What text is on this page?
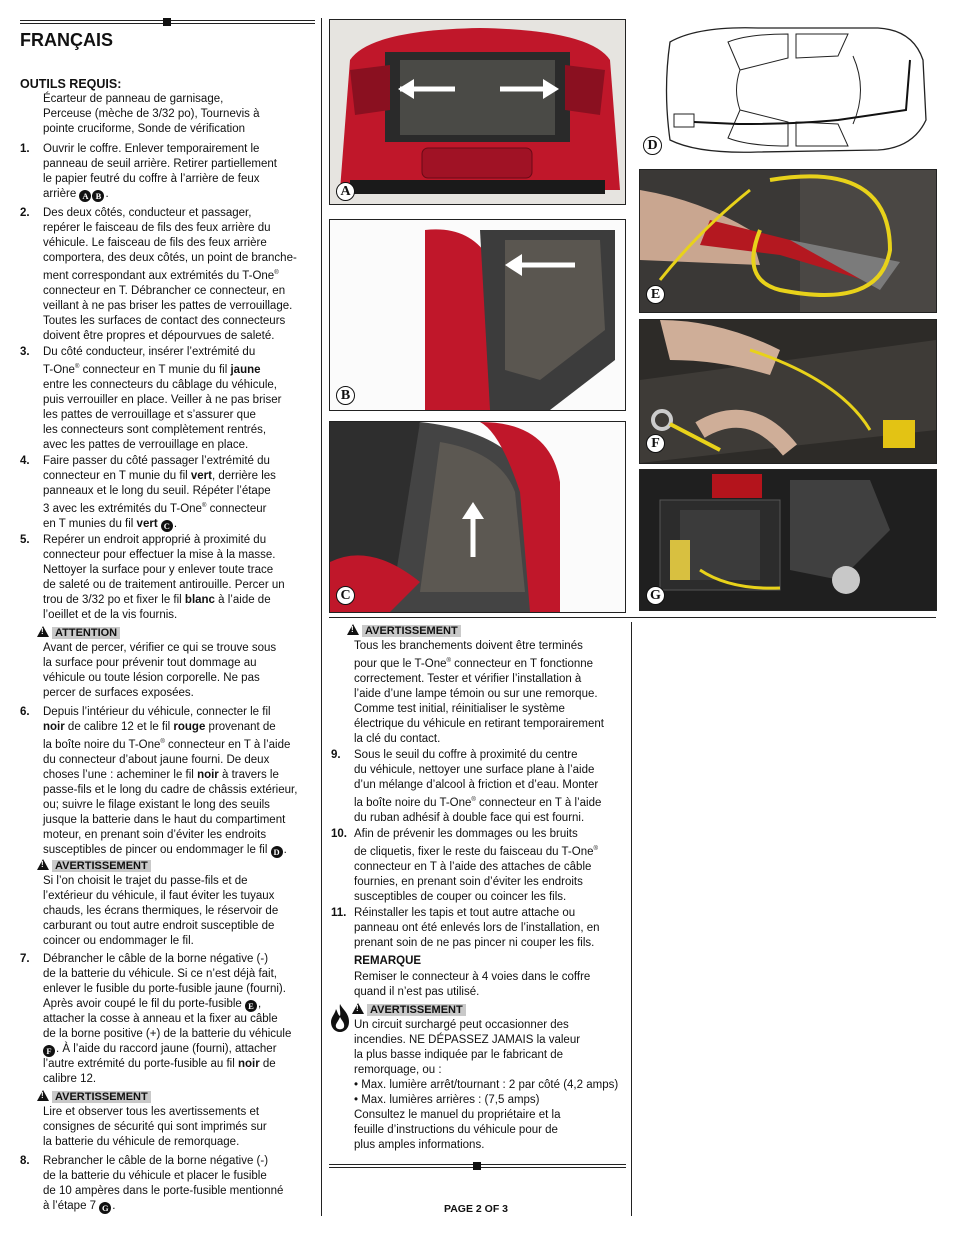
FRANÇAIS
OUTILS REQUIS:
Écarteur de panneau de garnisage,
Perceuse (mèche de 3/32 po), Tournevis à
pointe cruciforme, Sonde de vérification
1. Ouvrir le coffre. Enlever temporairement le
panneau de seuil arrière. Retirer partiellement
le papier feutré du coffre à l’arrière de feux
arrière A B .
2. Des deux côtés, conducteur et passager,
repérer le faisceau de fils des feux arrière du
véhicule. Le faisceau de fils des feux arrière
comportera, des deux côtés, un point de branche-
ment correspondant aux extrémités du T-One®
connecteur en T. Débrancher ce connecteur, en
veillant à ne pas briser les pattes de verrouillage.
Toutes les surfaces de contact des connecteurs
doivent être propres et dépourvues de saleté.
3. Du côté conducteur, insérer l’extrémité du
T-One® connecteur en T munie du fil jaune
entre les connecteurs du câblage du véhicule,
puis verrouiller en place. Veiller à ne pas briser
les pattes de verrouillage et s’assurer que
les connecteurs sont complètement rentrés,
avec les pattes de verrouillage en place.
4. Faire passer du côté passager l’extrémité du
connecteur en T munie du fil vert, derrière les
panneaux et le long du seuil. Répéter l’étape
3 avec les extrémités du T-One® connecteur
en T munies du fil vert C .
5. Repérer un endroit approprié à proximité du
connecteur pour effectuer la mise à la masse.
Nettoyer la surface pour y enlever toute trace
de saleté ou de traitement antirouille. Percer un
trou de 3/32 po et fixer le fil blanc à l’aide de
l’oeillet et de la vis fournis.
!ATTENTION
Avant de percer, vérifier ce qui se trouve sous
la surface pour prévenir tout dommage au
véhicule ou toute lésion corporelle. Ne pas
percer de surfaces exposées.
6. Depuis l’intérieur du véhicule, connecter le fil
noir de calibre 12 et le fil rouge provenant de
la boîte noire du T-One® connecteur en T à l’aide
du connecteur d’about jaune fourni. De deux
choses l’une : acheminer le fil noir à travers le
passe-fils et le long du cadre de châssis extérieur,
ou; suivre le filage existant le long des seuils
jusque la batterie dans le haut du compartiment
moteur, en prenant soin d’éviter les endroits
susceptibles de pincer ou endommager le fil D .
!AVERTISSEMENT
Si l’on choisit le trajet du passe-fils et de
l’extérieur du véhicule, il faut éviter les tuyaux
chauds, les écrans thermiques, le réservoir de
carburant ou tout autre endroit susceptible de
coincer ou endommager le fil.
7. Débrancher le câble de la borne négative (-)
de la batterie du véhicule. Si ce n’est déjà fait,
enlever le fusible du porte-fusible jaune (fourni).
Après avoir coupé le fil du porte-fusible E ,
attacher la cosse à anneau et la fixer au câble
de la borne positive (+) de la batterie du véhicule
F . À l’aide du raccord jaune (fourni), attacher
l’autre extrémité du porte-fusible au fil noir de
calibre 12.
!AVERTISSEMENT
Lire et observer tous les avertissements et
consignes de sécurité qui sont imprimés sur
la batterie du véhicule de remorquage.
8. Rebrancher le câble de la borne négative (-)
de la batterie du véhicule et placer le fusible
de 10 ampères dans le porte-fusible mentionné
à l’étape 7 G .
A
B
C
D
E
F
G
!AVERTISSEMENT
Tous les branchements doivent être terminés
pour que le T-One® connecteur en T fonctionne
correctement. Tester et vérifier l’installation à
l’aide d’une lampe témoin ou sur une remorque.
Comme test initial, réinitialiser le système
électrique du véhicule en retirant temporairement
la clé du contact.
9. Sous le seuil du coffre à proximité du centre
du véhicule, nettoyer une surface plane à l’aide
d’un mélange d’alcool à friction et d’eau. Monter
la boîte noire du T-One® connecteur en T à l’aide
du ruban adhésif à double face qui est fourni.
10. Afin de prévenir les dommages ou les bruits
de cliquetis, fixer le reste du faisceau du T-One®
connecteur en T à l’aide des attaches de câble
fournies, en prenant soin d’éviter les endroits
susceptibles de couper ou coincer les fils.
11. Réinstaller les tapis et tout autre attache ou
panneau ont été enlevés lors de l’installation, en
prenant soin de ne pas pincer ni couper les fils.
REMARQUE
Remiser le connecteur à 4 voies dans le coffre
quand il n’est pas utilisé.
!AVERTISSEMENT
Un circuit surchargé peut occasionner des
incendies. NE DÉPASSEZ JAMAIS la valeur
la plus basse indiquée par le fabricant de
remorquage, ou :
• Max. lumière arrêt/tournant : 2 par côté (4,2 amps)
• Max. lumières arrières : (7,5 amps)
Consultez le manuel du propriétaire et la
feuille d’instructions du véhicule pour de
plus amples informations.
PAGE 2 OF 3
